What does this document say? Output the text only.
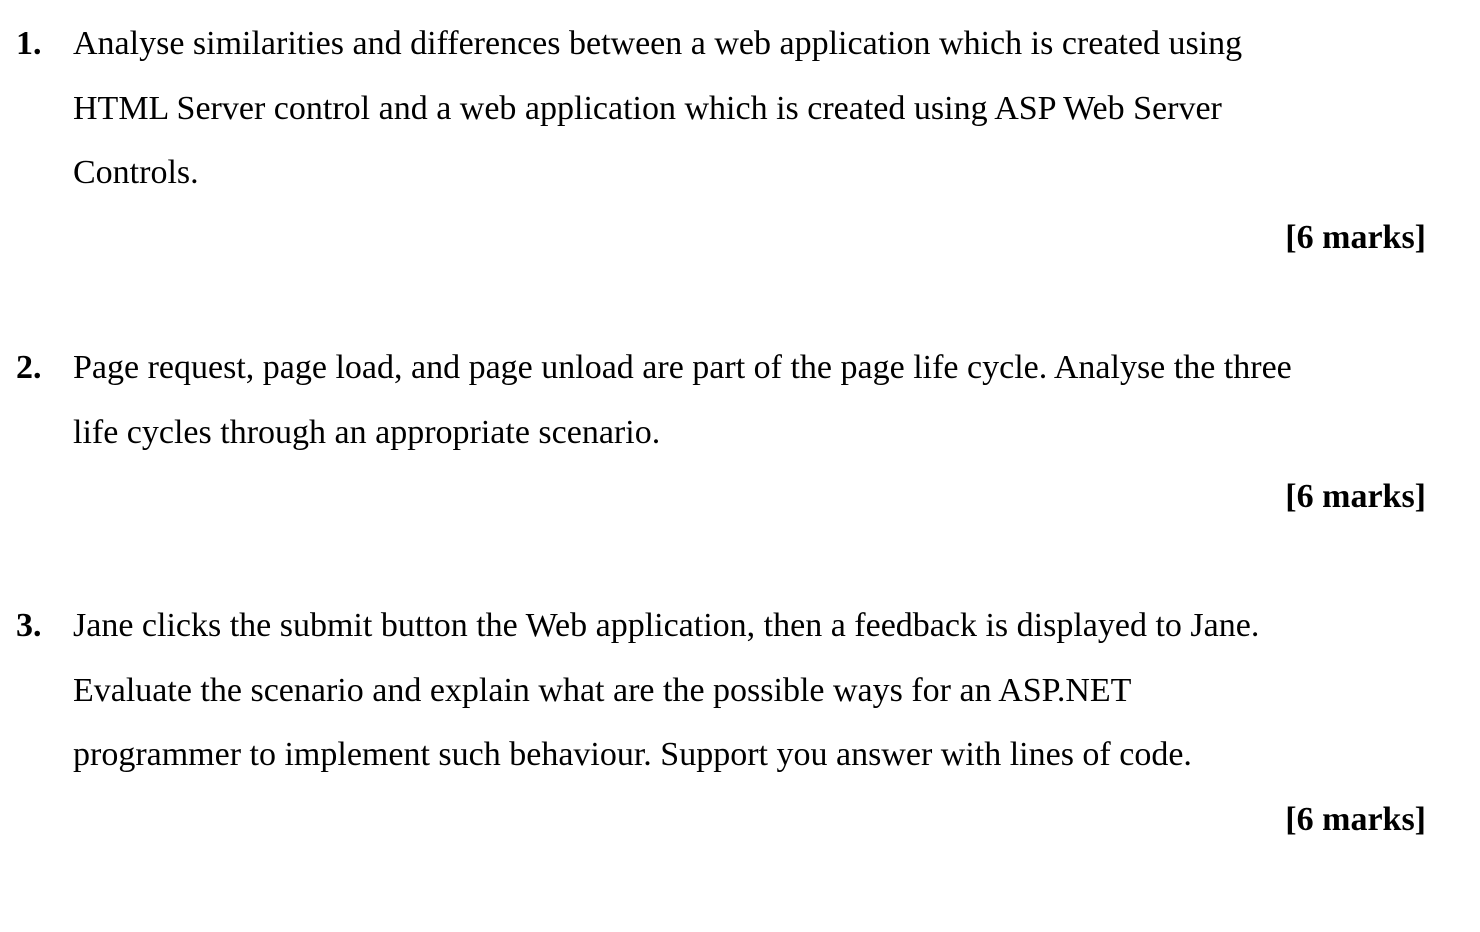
1. Analyse similarities and differences between a web application which is created using
HTML Server control and a web application which is created using ASP Web Server
Controls.
[6 marks]
2. Page request, page load, and page unload are part of the page life cycle. Analyse the three
life cycles through an appropriate scenario.
[6 marks]
3. Jane clicks the submit button the Web application, then a feedback is displayed to Jane.
Evaluate the scenario and explain what are the possible ways for an ASP.NET
programmer to implement such behaviour. Support you answer with lines of code.
[6 marks]
